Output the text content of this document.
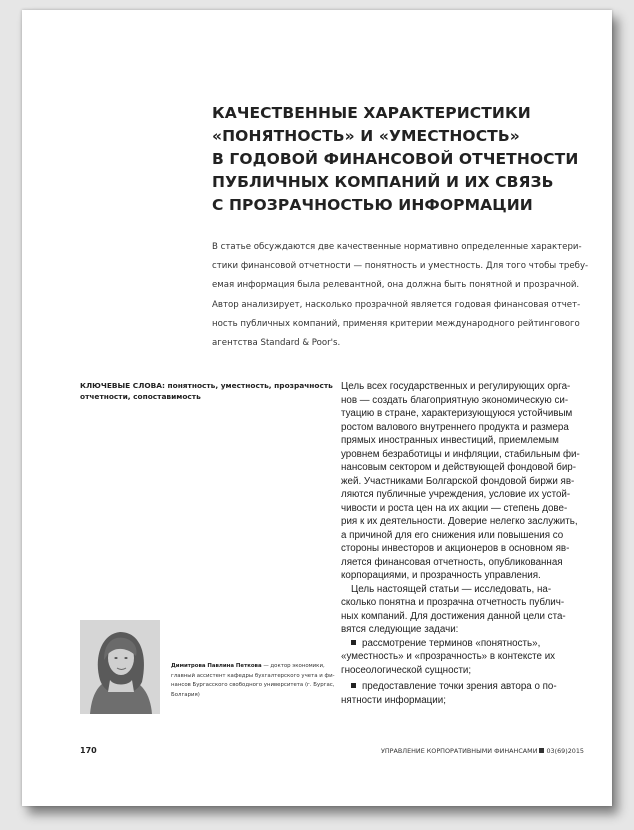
КАЧЕСТВЕННЫЕ ХАРАКТЕРИСТИКИ
«ПОНЯТНОСТЬ» И «УМЕСТНОСТЬ»
В ГОДОВОЙ ФИНАНСОВОЙ ОТЧЕТНОСТИ
ПУБЛИЧНЫХ КОМПАНИЙ И ИХ СВЯЗЬ
С ПРОЗРАЧНОСТЬЮ ИНФОРМАЦИИ
В статье обсуждаются две качественные нормативно определенные характери-
стики финансовой отчетности — понятность и уместность. Для того чтобы требу-
емая информация была релевантной, она должна быть понятной и прозрачной.
Автор анализирует, насколько прозрачной является годовая финансовая отчет-
ность публичных компаний, применяя критерии международного рейтингового
агентства Standard & Poor's.
КЛЮЧЕВЫЕ СЛОВА: понятность, уместность, прозрачность
отчетности, сопоставимость
Цель всех государственных и регулирующих орга-
нов — создать благоприятную экономическую си-
туацию в стране, характеризующуюся устойчивым
ростом валового внутреннего продукта и размера
прямых иностранных инвестиций, приемлемым
уровнем безработицы и инфляции, стабильным фи-
нансовым сектором и действующей фондовой бир-
жей. Участниками Болгарской фондовой биржи яв-
ляются публичные учреждения, условие их устой-
чивости и роста цен на их акции — степень дове-
рия к их деятельности. Доверие нелегко заслужить,
а причиной для его снижения или повышения со
стороны инвесторов и акционеров в основном яв-
ляется финансовая отчетность, опубликованная
корпорациями, и прозрачность управления.
Цель настоящей статьи — исследовать, на-
сколько понятна и прозрачна отчетность публич-
ных компаний. Для достижения данной цели ста-
вятся следующие задачи:
рассмотрение терминов «понятность»,
«уместность» и «прозрачность» в контексте их
гносеологической сущности;
предоставление точки зрения автора о по-
нятности информации;
Димитрова Павлина Петкова — доктор экономики,
главный ассистент кафедры бухгалтерского учета и фи-
нансов Бургасского свободного университета (г. Бургас,
Болгария)
170	УПРАВЛЕНИЕ КОРПОРАТИВНЫМИ ФИНАНСАМИ 03(69)2015
